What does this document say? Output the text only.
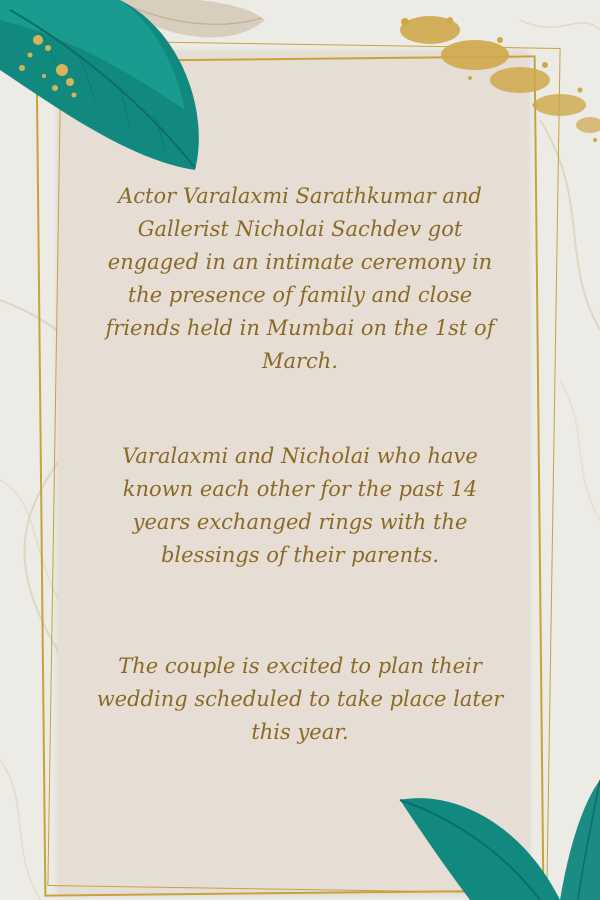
Actor Varalaxmi Sarathkumar and Gallerist Nicholai Sachdev got engaged in an intimate ceremony in the presence of family and close friends held in Mumbai on the 1st of March.
Varalaxmi and Nicholai who have known each other for the past 14 years exchanged rings with the blessings of their parents.
The couple is excited to plan their wedding scheduled to take place later this year.
